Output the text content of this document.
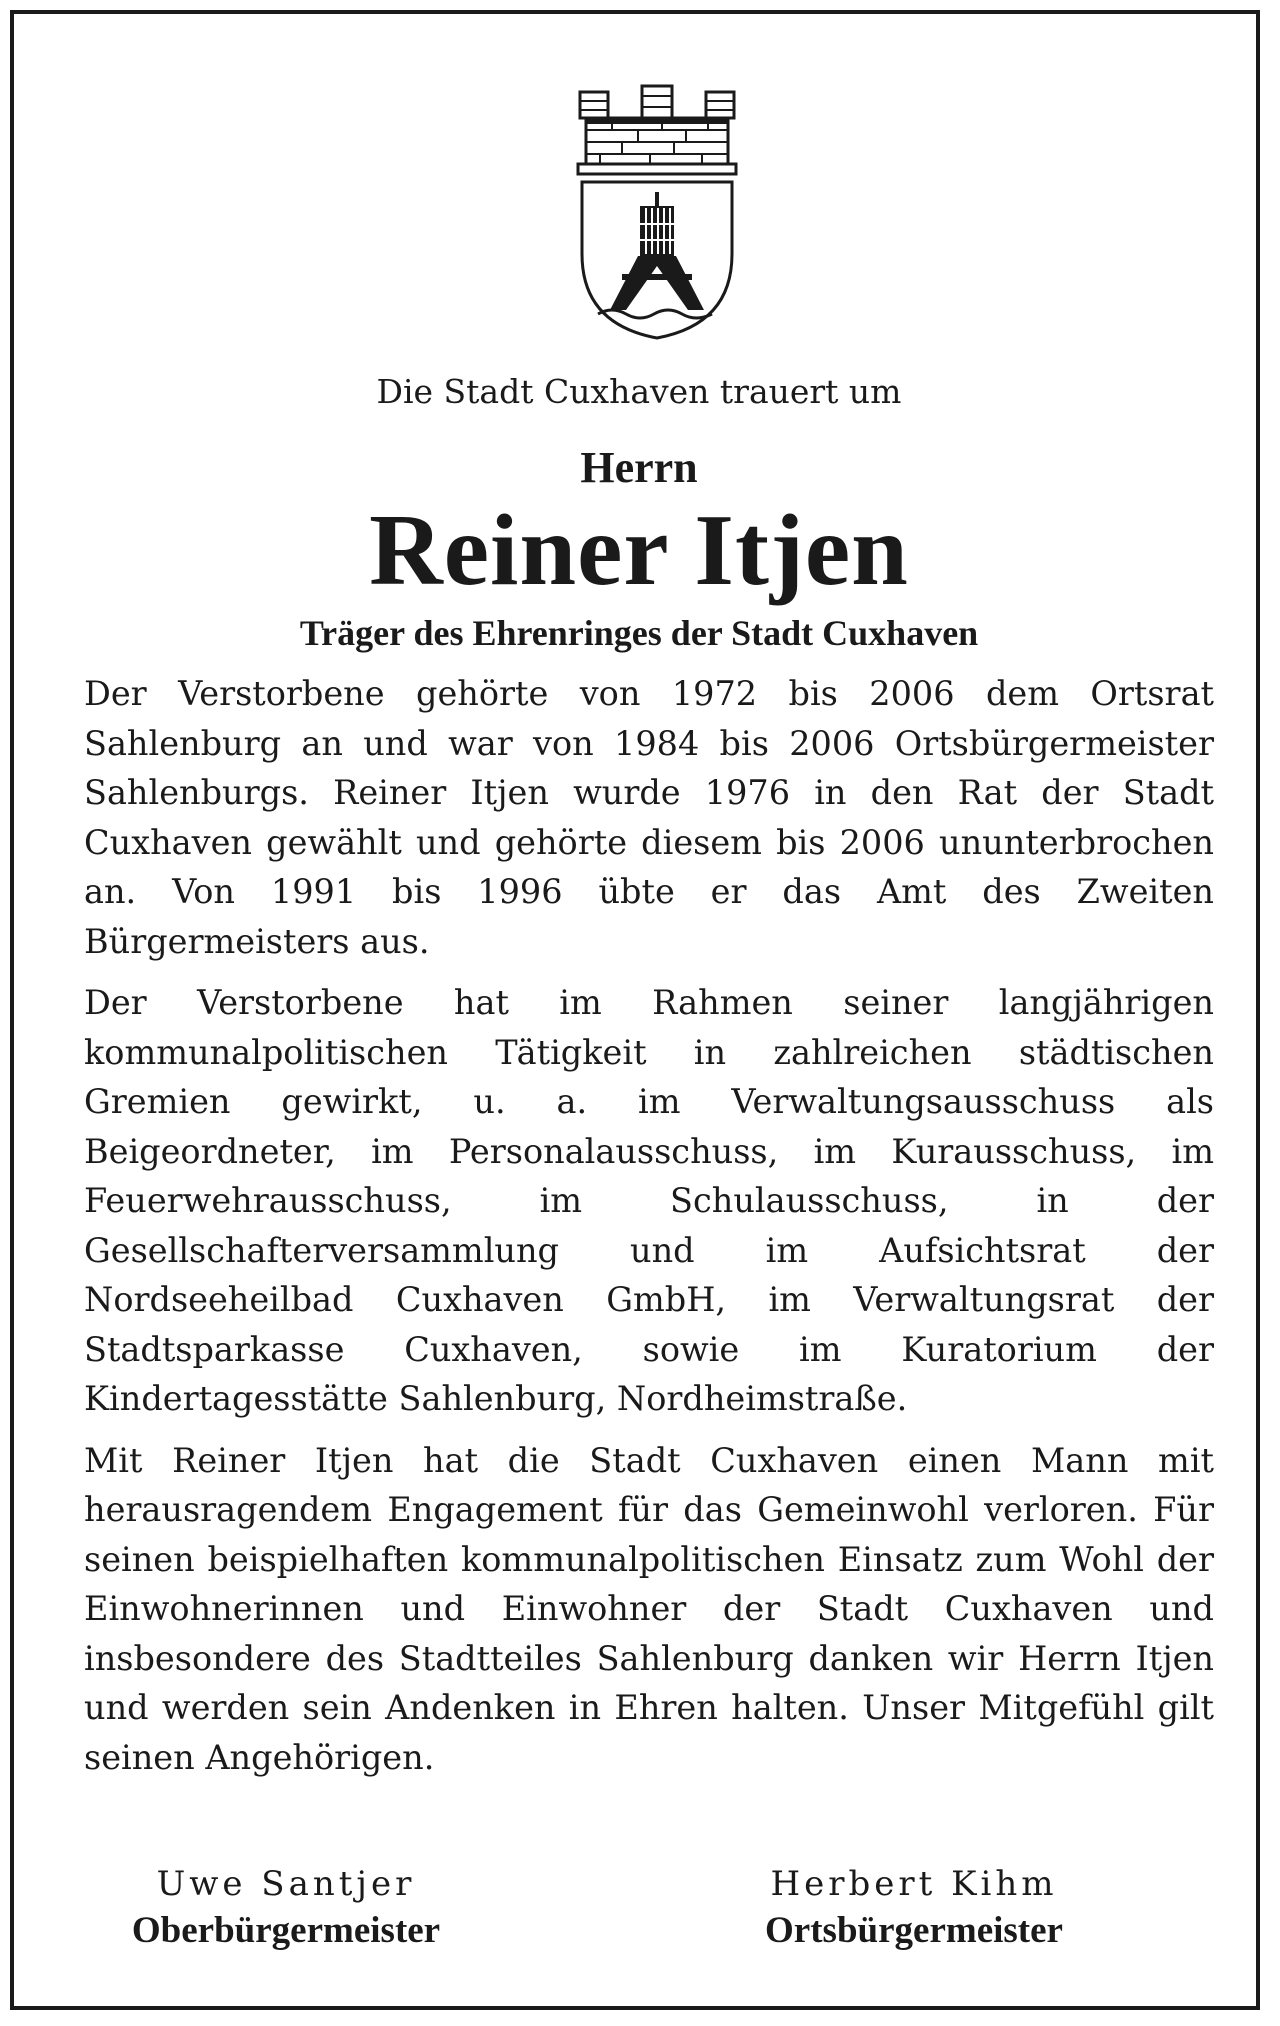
Die Stadt Cuxhaven trauert um
Herrn
Reiner Itjen
Träger des Ehrenringes der Stadt Cuxhaven

Der Verstorbene gehörte von 1972 bis 2006 dem Ortsrat Sahlenburg an und war von 1984 bis 2006 Ortsbürgermeister Sahlenburgs. Reiner Itjen wurde 1976 in den Rat der Stadt Cuxhaven gewählt und gehörte diesem bis 2006 ununterbrochen an. Von 1991 bis 1996 übte er das Amt des Zweiten Bürgermeisters aus.

Der Verstorbene hat im Rahmen seiner langjährigen kommunalpolitischen Tätigkeit in zahlreichen städtischen Gremien gewirkt, u. a. im Verwaltungsausschuss als Beigeordneter, im Personalausschuss, im Kurausschuss, im Feuerwehrausschuss, im Schulausschuss, in der Gesellschafterversammlung und im Aufsichtsrat der Nordseeheilbad Cuxhaven GmbH, im Verwaltungsrat der Stadtsparkasse Cuxhaven, sowie im Kuratorium der Kindertagesstätte Sahlenburg, Nordheimstraße.

Mit Reiner Itjen hat die Stadt Cuxhaven einen Mann mit herausragendem Engagement für das Gemeinwohl verloren. Für seinen beispielhaften kommunalpolitischen Einsatz zum Wohl der Einwohnerinnen und Einwohner der Stadt Cuxhaven und insbesondere des Stadtteiles Sahlenburg danken wir Herrn Itjen und werden sein Andenken in Ehren halten. Unser Mitgefühl gilt seinen Angehörigen.

Uwe Santjer
Oberbürgermeister
Herbert Kihm
Ortsbürgermeister
